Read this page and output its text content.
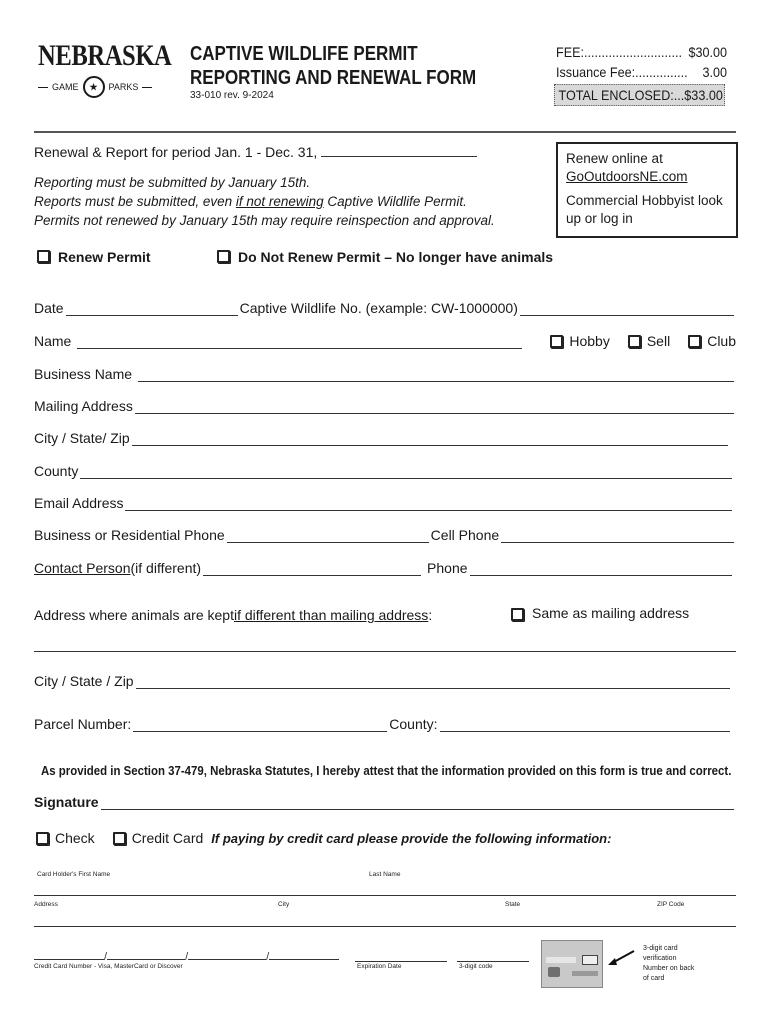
NEBRASKA
GAME	★	PARKS
CAPTIVE WILDLIFE PERMIT
REPORTING AND RENEWAL FORM
33-010 rev. 9-2024
FEE:............................ $30.00
Issuance Fee:............... 3.00
TOTAL ENCLOSED:... $33.00
Renewal & Report for period Jan. 1 - Dec. 31,
Reporting must be submitted by January 15th.
Reports must be submitted, even if not renewing Captive Wildlife Permit.
Permits not renewed by January 15th may require reinspection and approval.
Renew online at
GoOutdoorsNE.com
Commercial Hobbyist look
up or log in
Renew Permit	Do Not Renew Permit – No longer have animals
Date	Captive Wildlife No. (example: CW-1000000)
Name	Hobby	Sell	Club
Business Name
Mailing Address
City / State/ Zip
County
Email Address
Business or Residential Phone	Cell Phone
Contact Person (if different)	Phone
Address where animals are kept if different than mailing address :	Same as mailing address
City / State / Zip
Parcel Number:	County:
As provided in Section 37-479, Nebraska Statutes, I hereby attest that the information provided on this form is true and correct.
Signature
Check	Credit Card If paying by credit card please provide the following information:
Card Holder's First Name	Last Name
Address	City	State	ZIP Code
/	/	/
Credit Card Number - Visa, MasterCard or Discover	Expiration Date	3-digit code
3-digit card
verification
Number on back
of card
